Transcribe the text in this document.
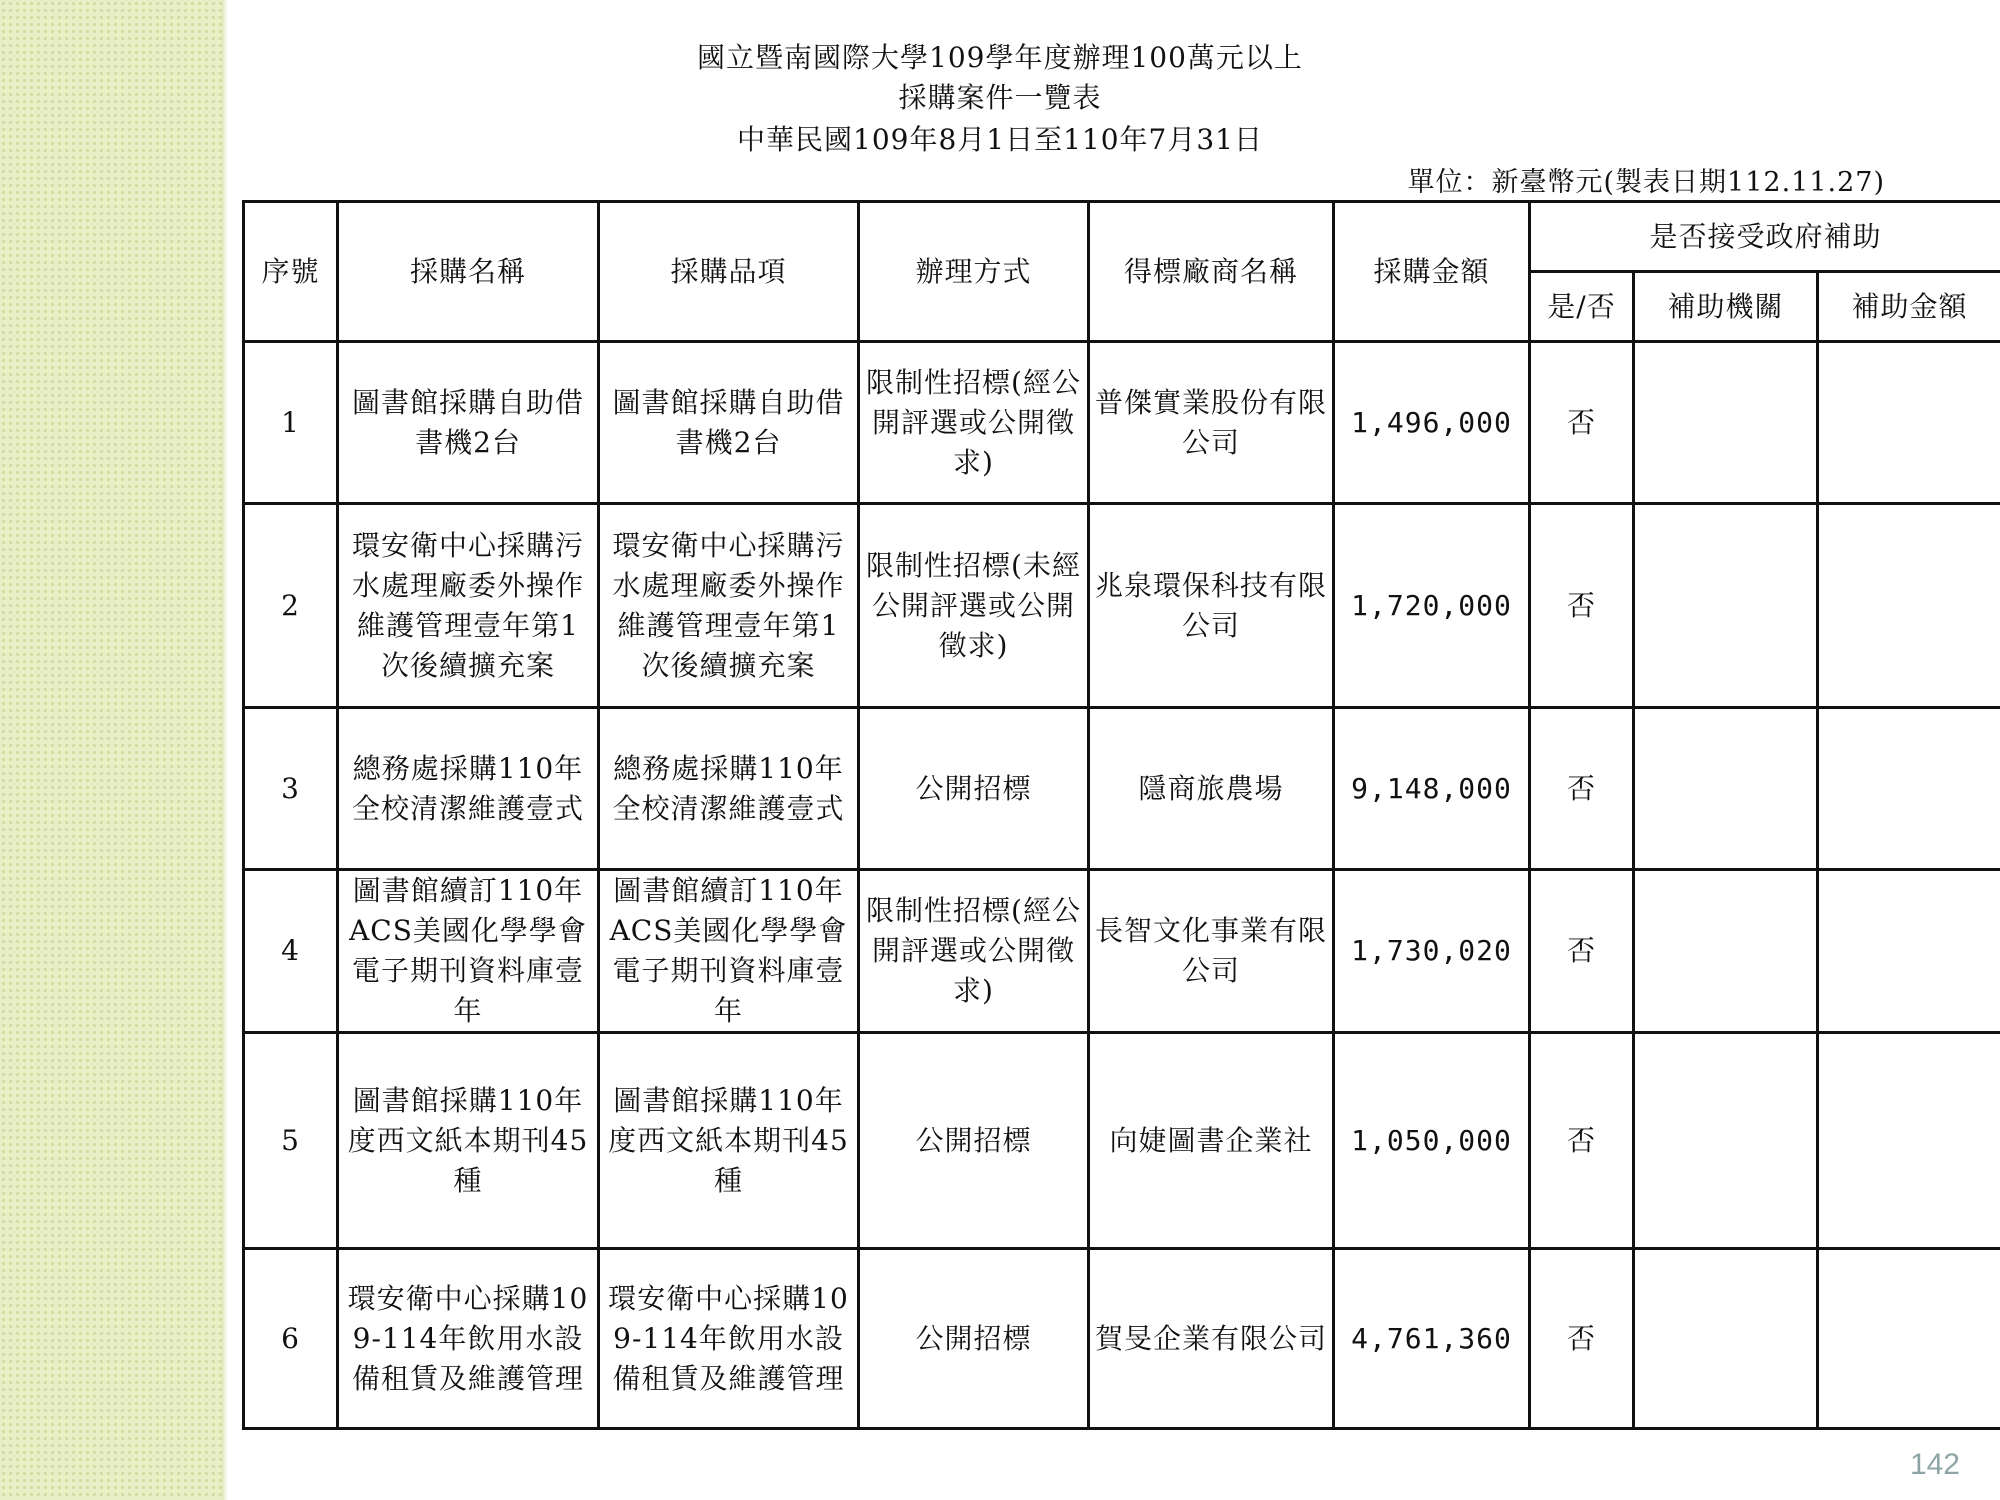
國立暨南國際大學109學年度辦理100萬元以上
採購案件一覽表
中華民國109年8月1日至110年7月31日
單位：新臺幣元(製表日期112.11.27)
序號	採購名稱	採購品項	辦理方式	得標廠商名稱	採購金額	是否接受政府補助		
						是/否	補助機關	補助金額
1	圖書館採購自助借書機2台	圖書館採購自助借書機2台	限制性招標(經公開評選或公開徵求)	普傑實業股份有限公司	1,496,000	否		
2	環安衛中心採購污水處理廠委外操作維護管理壹年第1次後續擴充案	環安衛中心採購污水處理廠委外操作維護管理壹年第1次後續擴充案	限制性招標(未經公開評選或公開徵求)	兆泉環保科技有限公司	1,720,000	否		
3	總務處採購110年全校清潔維護壹式	總務處採購110年全校清潔維護壹式	公開招標	隱商旅農場	9,148,000	否		
4	圖書館續訂110年ACS美國化學學會電子期刊資料庫壹年	圖書館續訂110年ACS美國化學學會電子期刊資料庫壹年	限制性招標(經公開評選或公開徵求)	長智文化事業有限公司	1,730,020	否		
5	圖書館採購110年度西文紙本期刊45種	圖書館採購110年度西文紙本期刊45種	公開招標	向婕圖書企業社	1,050,000	否		
6	環安衛中心採購109-114年飲用水設備租賃及維護管理	環安衛中心採購109-114年飲用水設備租賃及維護管理	公開招標	賀旻企業有限公司	4,761,360	否		
142
